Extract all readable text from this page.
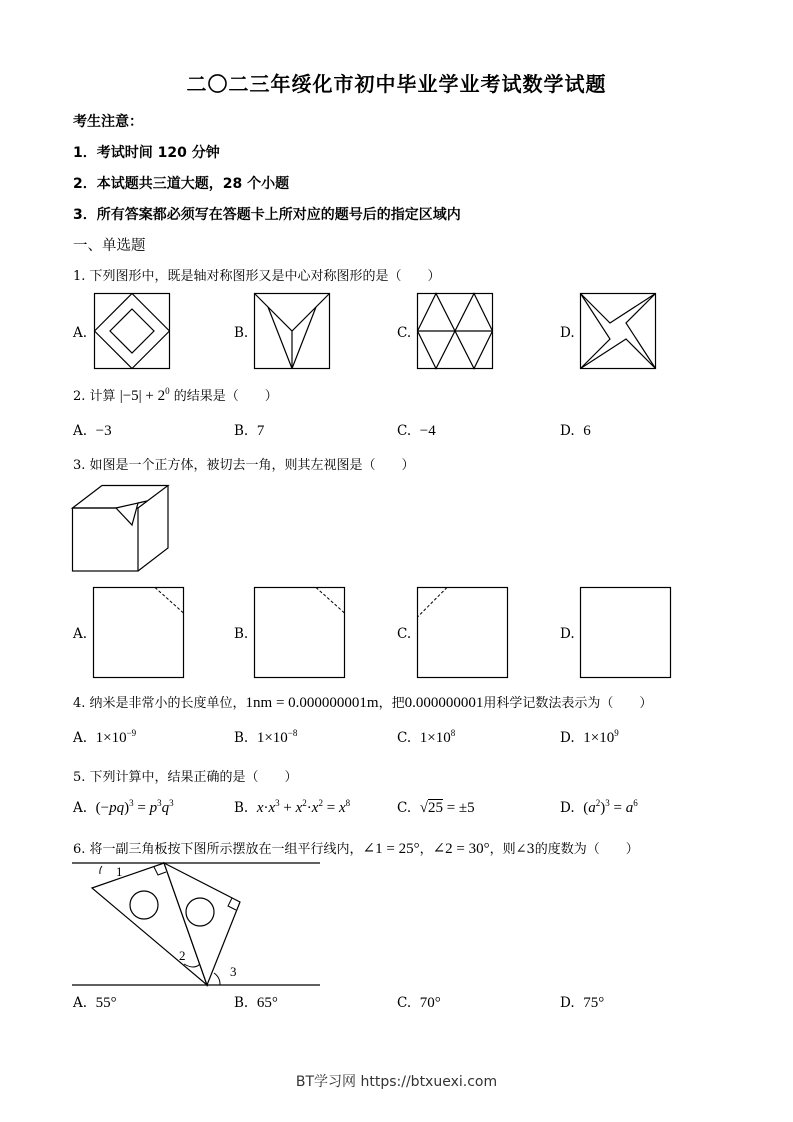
二〇二三年绥化市初中毕业学业考试数学试题
考生注意：
1．考试时间 120 分钟
2．本试题共三道大题，28 个小题
3．所有答案都必须写在答题卡上所对应的题号后的指定区域内
一、单选题
1. 下列图形中，既是轴对称图形又是中心对称图形的是（　　）
A.	B.	C.	D.
2. 计算 $|-5| + 2^0$ 的结果是（　　）
A. −3	B. 7	C. −4	D. 6
3. 如图是一个正方体，被切去一角，则其左视图是（　　）
A.	B.	C.	D.
4. 纳米是非常小的长度单位，1nm = 0.000000001m，把0.000000001用科学记数法表示为（　　）
A. $1\times 10^{-9}$	B. $1\times 10^{-8}$	C. $1\times 10^8$	D. $1\times 10^9$
5. 下列计算中，结果正确的是（　　）
A. $(-pq)^3 = p^3q^3$	B. $x\cdot x^3 + x^2\cdot x^2 = x^8$	C. √25 = ±5	D. $(a^2)^3 = a^6$
6. 将一副三角板按下图所示摆放在一组平行线内，∠1 = 25°，∠2 = 30°，则∠3的度数为（　　）
1
2
3
A. 55°	B. 65°	C. 70°	D. 75°
BT学习网 https://btxuexi.com
